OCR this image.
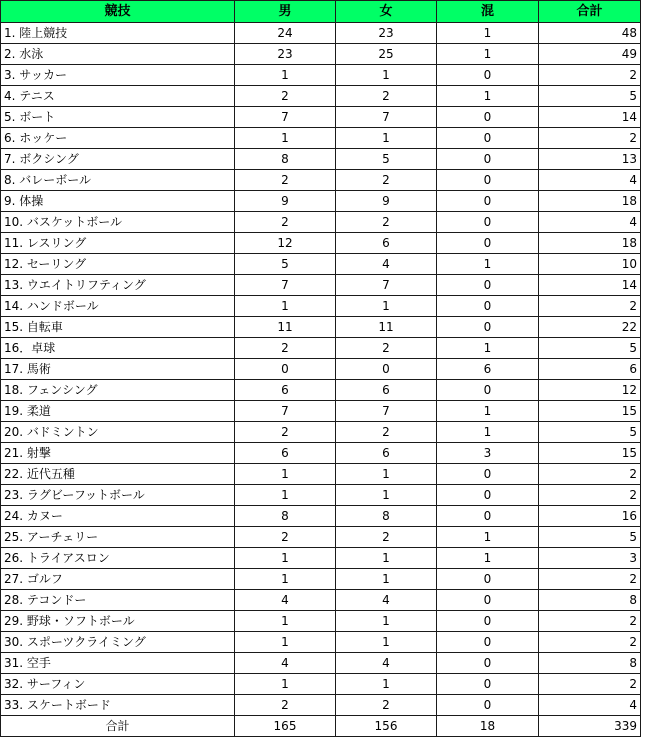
競技	男	女	混	合計
1. 陸上競技	24	23	1	48
2. 水泳	23	25	1	49
3. サッカー	1	1	0	2
4. テニス	2	2	1	5
5. ボート	7	7	0	14
6. ホッケー	1	1	0	2
7. ボクシング	8	5	0	13
8. バレーボール	2	2	0	4
9. 体操	9	9	0	18
10. バスケットボール	2	2	0	4
11. レスリング	12	6	0	18
12. セーリング	5	4	1	10
13. ウエイトリフティング	7	7	0	14
14. ハンドボール	1	1	0	2
15. 自転車	11	11	0	22
16．卓球	2	2	1	5
17. 馬術	0	0	6	6
18. フェンシング	6	6	0	12
19. 柔道	7	7	1	15
20. バドミントン	2	2	1	5
21. 射撃	6	6	3	15
22. 近代五種	1	1	0	2
23. ラグビーフットボール	1	1	0	2
24. カヌー	8	8	0	16
25. アーチェリー	2	2	1	5
26. トライアスロン	1	1	1	3
27. ゴルフ	1	1	0	2
28. テコンドー	4	4	0	8
29. 野球・ソフトボール	1	1	0	2
30. スポーツクライミング	1	1	0	2
31. 空手	4	4	0	8
32. サーフィン	1	1	0	2
33. スケートボード	2	2	0	4
合計	165	156	18	339
